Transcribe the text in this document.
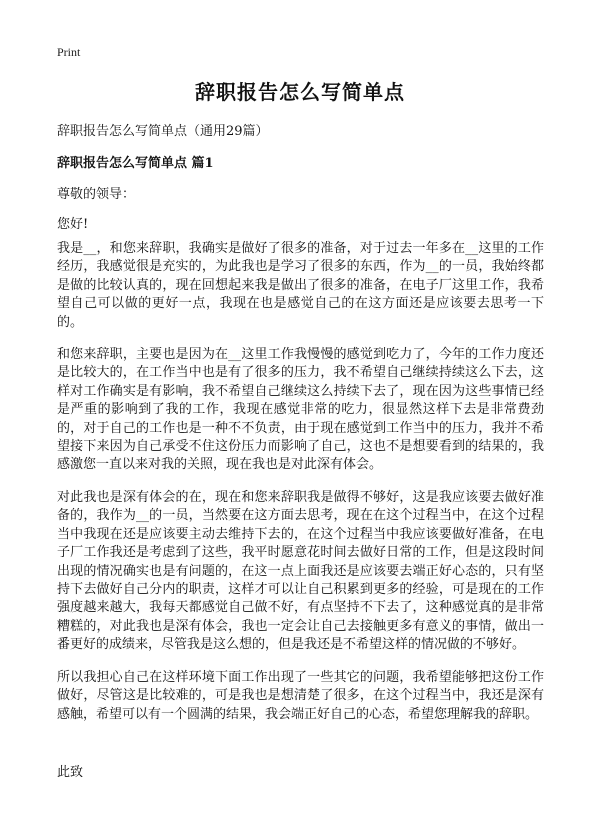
Print
辞职报告怎么写简单点
辞职报告怎么写简单点（通用29篇）
辞职报告怎么写简单点 篇1
尊敬的领导：
您好!

我是__，和您来辞职，我确实是做好了很多的准备，对于过去一年多在__这里的工作经历，我感觉很是充实的，为此我也是学习了很多的东西，作为__的一员，我始终都是做的比较认真的，现在回想起来我是做出了很多的准备，在电子厂这里工作，我希望自己可以做的更好一点，我现在也是感觉自己的在这方面还是应该要去思考一下的。

和您来辞职，主要也是因为在__这里工作我慢慢的感觉到吃力了，今年的工作力度还是比较大的，在工作当中也是有了很多的压力，我不希望自己继续持续这么下去，这样对工作确实是有影响，我不希望自己继续这么持续下去了，现在因为这些事情已经是严重的影响到了我的工作，我现在感觉非常的吃力，很显然这样下去是非常费劲的，对于自己的工作也是一种不不负责，由于现在感觉到工作当中的压力，我并不希望接下来因为自己承受不住这份压力而影响了自己，这也不是想要看到的结果的，我感激您一直以来对我的关照，现在我也是对此深有体会。

对此我也是深有体会的在，现在和您来辞职我是做得不够好，这是我应该要去做好准备的，我作为__的一员，当然要在这方面去思考，现在在这个过程当中，在这个过程当中我现在还是应该要主动去维持下去的，在这个过程当中我应该要做好准备，在电子厂工作我还是考虑到了这些，我平时愿意花时间去做好日常的工作，但是这段时间出现的情况确实也是有问题的，在这一点上面我还是应该要去端正好心态的，只有坚持下去做好自己分内的职责，这样才可以让自己积累到更多的经验，可是现在的工作强度越来越大，我每天都感觉自己做不好，有点坚持不下去了，这种感觉真的是非常糟糕的，对此我也是深有体会，我也一定会让自己去接触更多有意义的事情，做出一番更好的成绩来，尽管我是这么想的，但是我还是不希望这样的情况做的不够好。

所以我担心自己在这样环境下面工作出现了一些其它的问题，我希望能够把这份工作做好，尽管这是比较难的，可是我也是想清楚了很多，在这个过程当中，我还是深有感触，希望可以有一个圆满的结果，我会端正好自己的心态，希望您理解我的辞职。

此致
